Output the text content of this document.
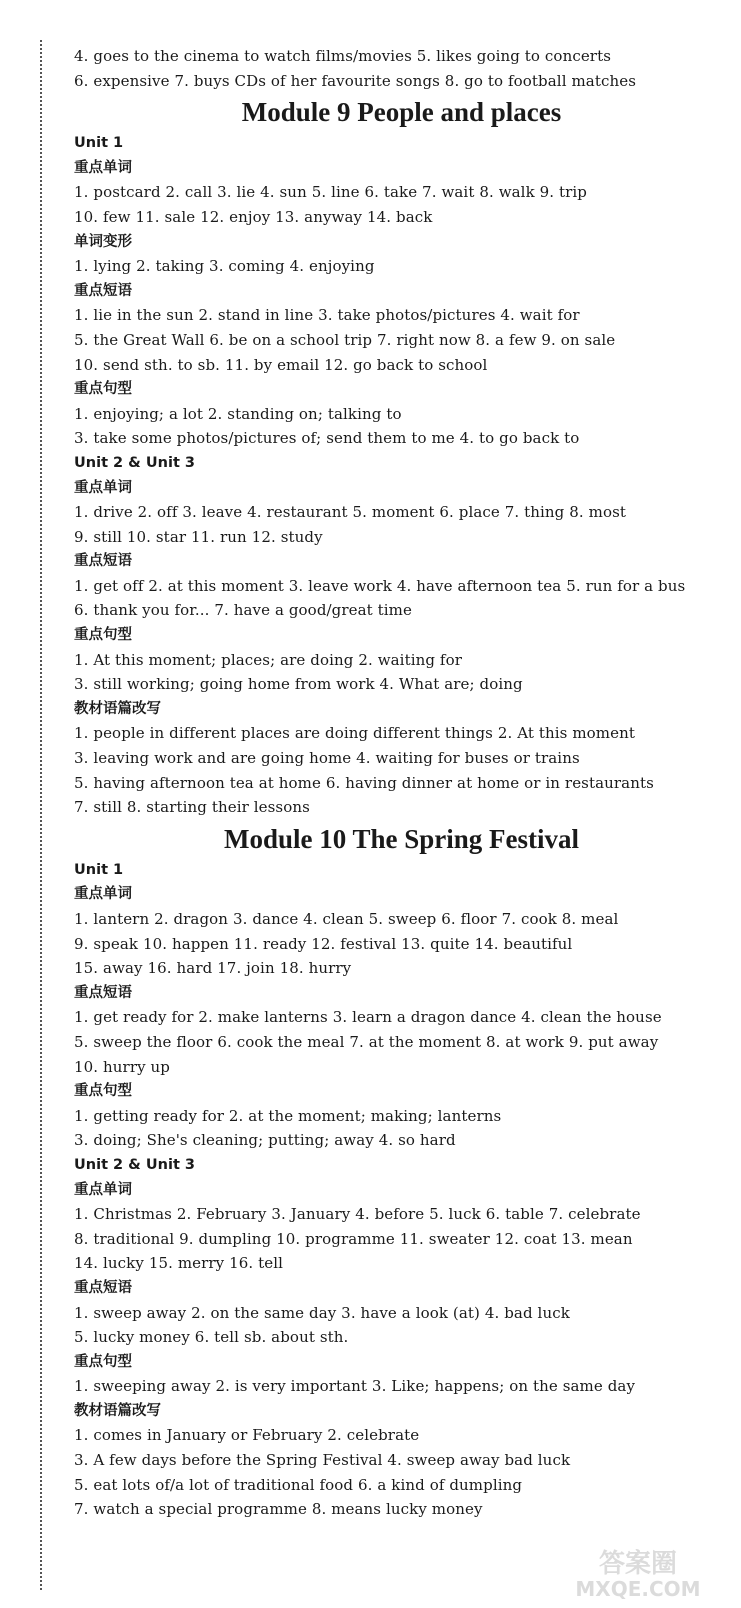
4. goes to the cinema to watch films/movies 5. likes going to concerts
6. expensive 7. buys CDs of her favourite songs 8. go to football matches
Module 9 People and places
Unit 1
重点单词
1. postcard 2. call 3. lie 4. sun 5. line 6. take 7. wait 8. walk 9. trip
10. few 11. sale 12. enjoy 13. anyway 14. back
单词变形
1. lying 2. taking 3. coming 4. enjoying
重点短语
1. lie in the sun 2. stand in line 3. take photos/pictures 4. wait for
5. the Great Wall 6. be on a school trip 7. right now 8. a few 9. on sale
10. send sth. to sb. 11. by email 12. go back to school
重点句型
1. enjoying; a lot 2. standing on; talking to
3. take some photos/pictures of; send them to me 4. to go back to
Unit 2 & Unit 3
重点单词
1. drive 2. off 3. leave 4. restaurant 5. moment 6. place 7. thing 8. most
9. still 10. star 11. run 12. study
重点短语
1. get off 2. at this moment 3. leave work 4. have afternoon tea 5. run for a bus
6. thank you for... 7. have a good/great time
重点句型
1. At this moment; places; are doing 2. waiting for
3. still working; going home from work 4. What are; doing
教材语篇改写
1. people in different places are doing different things 2. At this moment
3. leaving work and are going home 4. waiting for buses or trains
5. having afternoon tea at home 6. having dinner at home or in restaurants
7. still 8. starting their lessons
Module 10 The Spring Festival
Unit 1
重点单词
1. lantern 2. dragon 3. dance 4. clean 5. sweep 6. floor 7. cook 8. meal
9. speak 10. happen 11. ready 12. festival 13. quite 14. beautiful
15. away 16. hard 17. join 18. hurry
重点短语
1. get ready for 2. make lanterns 3. learn a dragon dance 4. clean the house
5. sweep the floor 6. cook the meal 7. at the moment 8. at work 9. put away
10. hurry up
重点句型
1. getting ready for 2. at the moment; making; lanterns
3. doing; She's cleaning; putting; away 4. so hard
Unit 2 & Unit 3
重点单词
1. Christmas 2. February 3. January 4. before 5. luck 6. table 7. celebrate
8. traditional 9. dumpling 10. programme 11. sweater 12. coat 13. mean
14. lucky 15. merry 16. tell
重点短语
1. sweep away 2. on the same day 3. have a look (at) 4. bad luck
5. lucky money 6. tell sb. about sth.
重点句型
1. sweeping away 2. is very important 3. Like; happens; on the same day
教材语篇改写
1. comes in January or February 2. celebrate
3. A few days before the Spring Festival 4. sweep away bad luck
5. eat lots of/a lot of traditional food 6. a kind of dumpling
7. watch a special programme 8. means lucky money
答案圈
MXQE.COM
